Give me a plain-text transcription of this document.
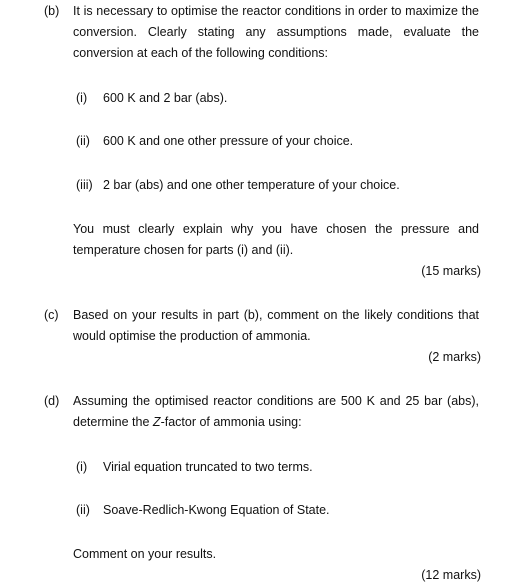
(b) It is necessary to optimise the reactor conditions in order to maximize the
conversion. Clearly stating any assumptions made, evaluate the
conversion at each of the following conditions:
(i) 600 K and 2 bar (abs).
(ii) 600 K and one other pressure of your choice.
(iii) 2 bar (abs) and one other temperature of your choice.
You must clearly explain why you have chosen the pressure and
temperature chosen for parts (i) and (ii).
(15 marks)
(c) Based on your results in part (b), comment on the likely conditions that
would optimise the production of ammonia.
(2 marks)
(d) Assuming the optimised reactor conditions are 500 K and 25 bar (abs),
determine the Z-factor of ammonia using:
(i) Virial equation truncated to two terms.
(ii) Soave-Redlich-Kwong Equation of State.
Comment on your results.
(12 marks)
